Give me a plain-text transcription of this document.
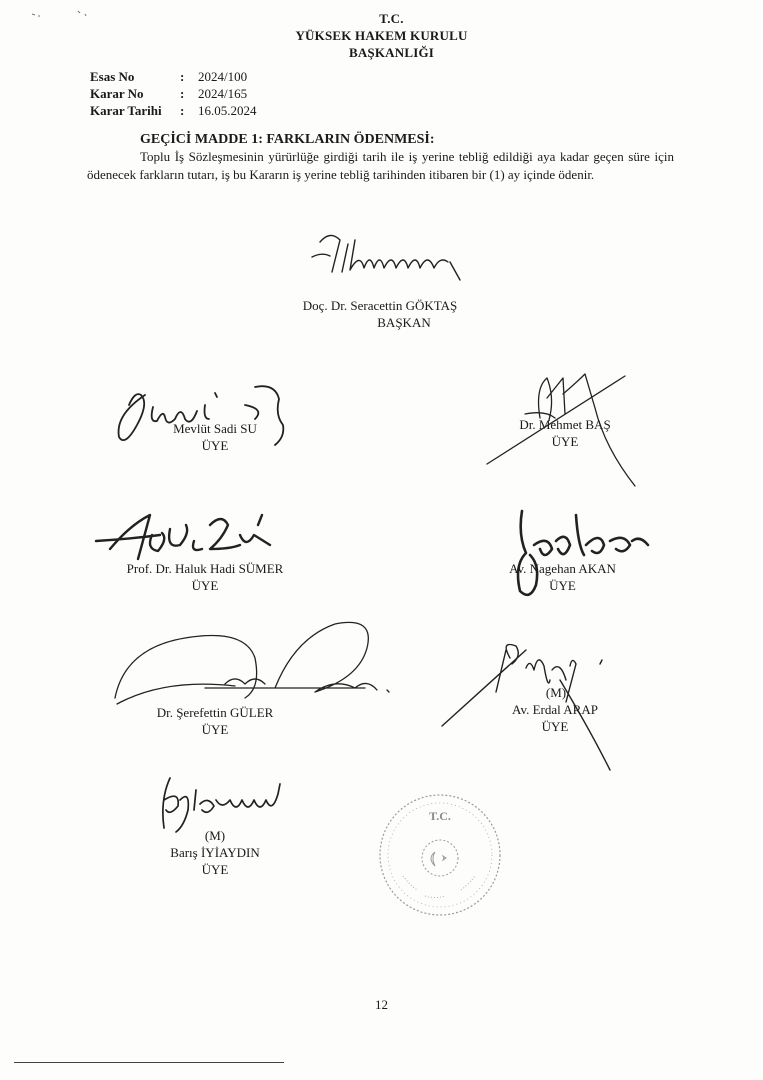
T.C.
YÜKSEK HAKEM KURULU
BAŞKANLIĞI
Esas No	:	2024/100
Karar No	:	2024/165
Karar Tarihi	:	16.05.2024
GEÇİCİ MADDE 1: FARKLARIN ÖDENMESİ:
Toplu İş Sözleşmesinin yürürlüğe girdiği tarih ile iş yerine tebliğ edildiği aya kadar geçen süre için ödenecek farkların tutarı, iş bu Kararın iş yerine tebliğ tarihinden itibaren bir (1) ay içinde ödenir.
Doç. Dr. Seracettin GÖKTAŞ
BAŞKAN
Mevlüt Sadi SU
ÜYE
Dr. Mehmet BAŞ
ÜYE
Prof. Dr. Haluk Hadi SÜMER
ÜYE
Av. Nagehan AKAN
ÜYE
Dr. Şerefettin GÜLER
ÜYE
(M)
Av. Erdal ARAP
ÜYE
(M)
Barış İYİAYDIN
ÜYE
T.C.
12
